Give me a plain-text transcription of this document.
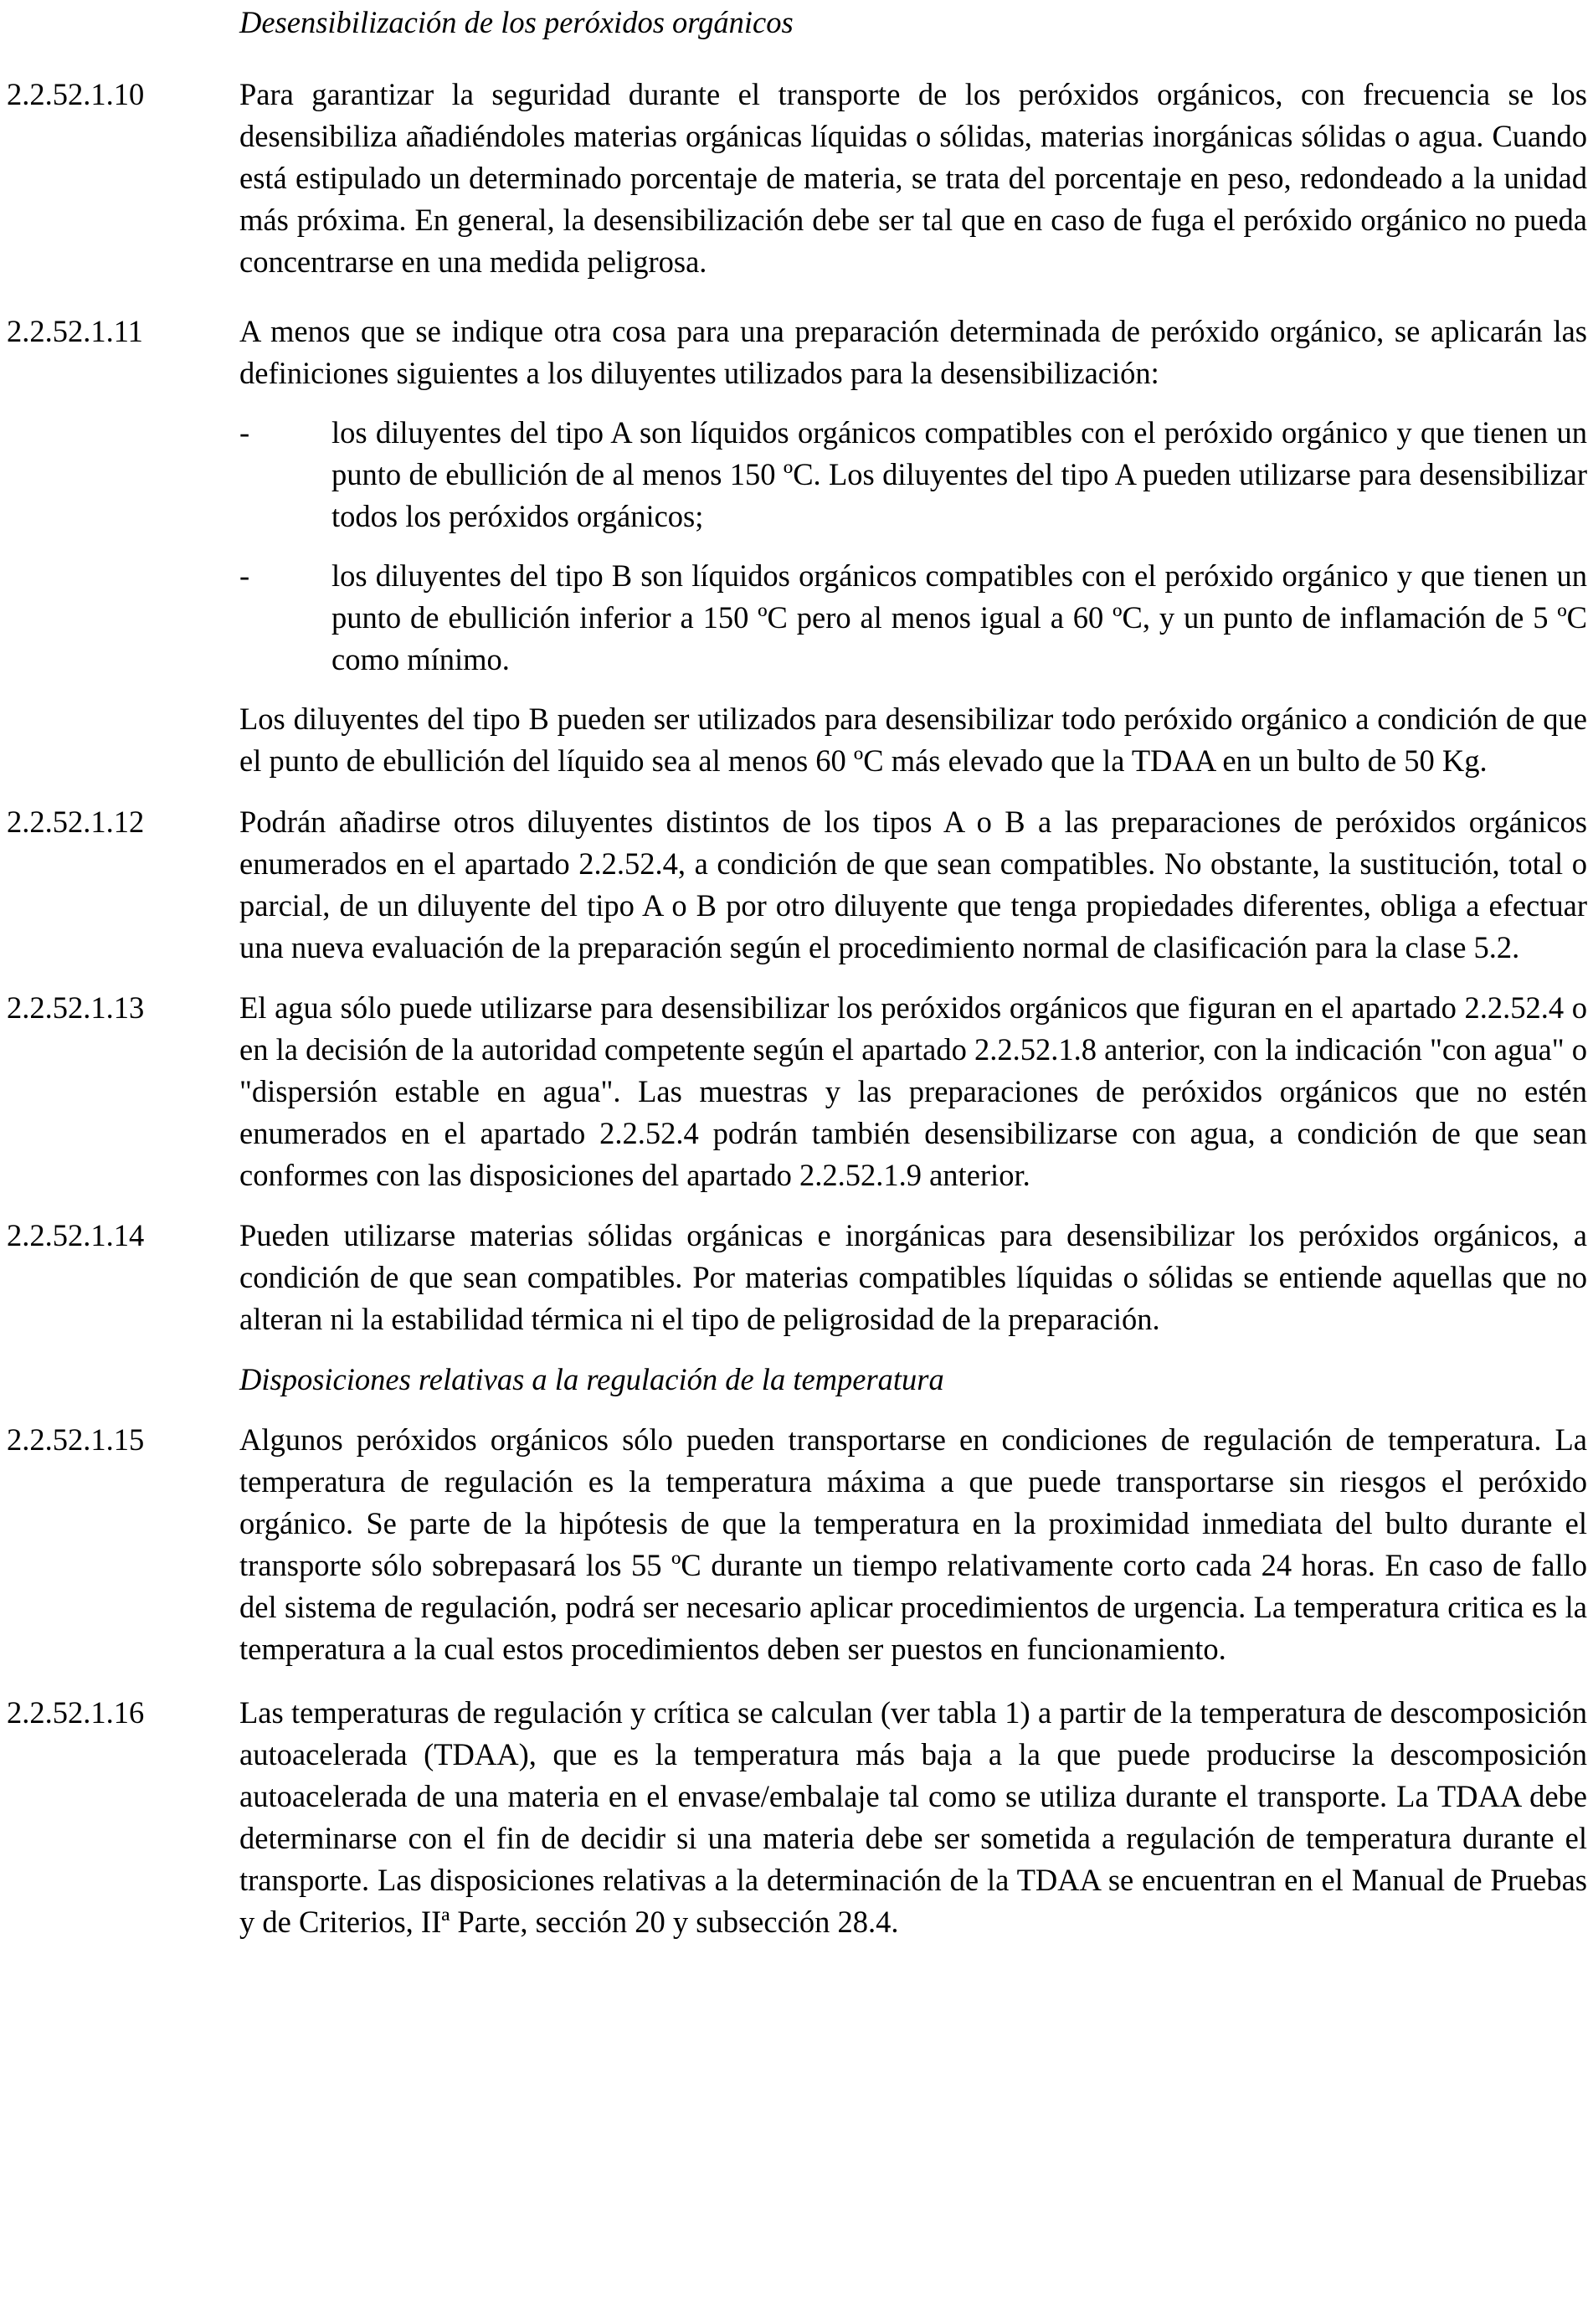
Desensibilización de los peróxidos orgánicos
2.2.52.1.10	Para garantizar la seguridad durante el transporte de los peróxidos orgánicos, con frecuencia se los desensibiliza añadiéndoles materias orgánicas líquidas o sólidas, materias inorgánicas sólidas o agua. Cuando está estipulado un determinado porcentaje de materia, se trata del porcentaje en peso, redondeado a la unidad más próxima. En general, la desensibilización debe ser tal que en caso de fuga el peróxido orgánico no pueda concentrarse en una medida peligrosa.
2.2.52.1.11	A menos que se indique otra cosa para una preparación determinada de peróxido orgánico, se aplicarán las definiciones siguientes a los diluyentes utilizados para la desensibilización:

-	los diluyentes del tipo A son líquidos orgánicos compatibles con el peróxido orgánico y que tienen un punto de ebullición de al menos 150 ºC. Los diluyentes del tipo A pueden utilizarse para desensibilizar todos los peróxidos orgánicos;
-	los diluyentes del tipo B son líquidos orgánicos compatibles con el peróxido orgánico y que tienen un punto de ebullición inferior a 150 ºC pero al menos igual a 60 ºC, y un punto de inflamación de 5 ºC como mínimo.

Los diluyentes del tipo B pueden ser utilizados para desensibilizar todo peróxido orgánico a condición de que el punto de ebullición del líquido sea al menos 60 ºC más elevado que la TDAA en un bulto de 50 Kg.

2.2.52.1.12	Podrán añadirse otros diluyentes distintos de los tipos A o B a las preparaciones de peróxidos orgánicos enumerados en el apartado 2.2.52.4, a condición de que sean compatibles. No obstante, la sustitución, total o parcial, de un diluyente del tipo A o B por otro diluyente que tenga propiedades diferentes, obliga a efectuar una nueva evaluación de la preparación según el procedimiento normal de clasificación para la clase 5.2.
2.2.52.1.13	El agua sólo puede utilizarse para desensibilizar los peróxidos orgánicos que figuran en el apartado 2.2.52.4 o en la decisión de la autoridad competente según el apartado 2.2.52.1.8 anterior, con la indicación "con agua" o "dispersión estable en agua". Las muestras y las preparaciones de peróxidos orgánicos que no estén enumerados en el apartado 2.2.52.4 podrán también desensibilizarse con agua, a condición de que sean conformes con las disposiciones del apartado 2.2.52.1.9 anterior.
2.2.52.1.14	Pueden utilizarse materias sólidas orgánicas e inorgánicas para desensibilizar los peróxidos orgánicos, a condición de que sean compatibles. Por materias compatibles líquidas o sólidas se entiende aquellas que no alteran ni la estabilidad térmica ni el tipo de peligrosidad de la preparación.
Disposiciones relativas a la regulación de la temperatura
2.2.52.1.15	Algunos peróxidos orgánicos sólo pueden transportarse en condiciones de regulación de temperatura. La temperatura de regulación es la temperatura máxima a que puede transportarse sin riesgos el peróxido orgánico. Se parte de la hipótesis de que la temperatura en la proximidad inmediata del bulto durante el transporte sólo sobrepasará los 55 ºC durante un tiempo relativamente corto cada 24 horas. En caso de fallo del sistema de regulación, podrá ser necesario aplicar procedimientos de urgencia. La temperatura critica es la temperatura a la cual estos procedimientos deben ser puestos en funcionamiento.
2.2.52.1.16	Las temperaturas de regulación y crítica se calculan (ver tabla 1) a partir de la temperatura de descomposición autoacelerada (TDAA), que es la temperatura más baja a la que puede producirse la descomposición autoacelerada de una materia en el envase/embalaje tal como se utiliza durante el transporte. La TDAA debe determinarse con el fin de decidir si una materia debe ser sometida a regulación de temperatura durante el transporte. Las disposiciones relativas a la determinación de la TDAA se encuentran en el Manual de Pruebas y de Criterios, IIª Parte, sección 20 y subsección 28.4.
